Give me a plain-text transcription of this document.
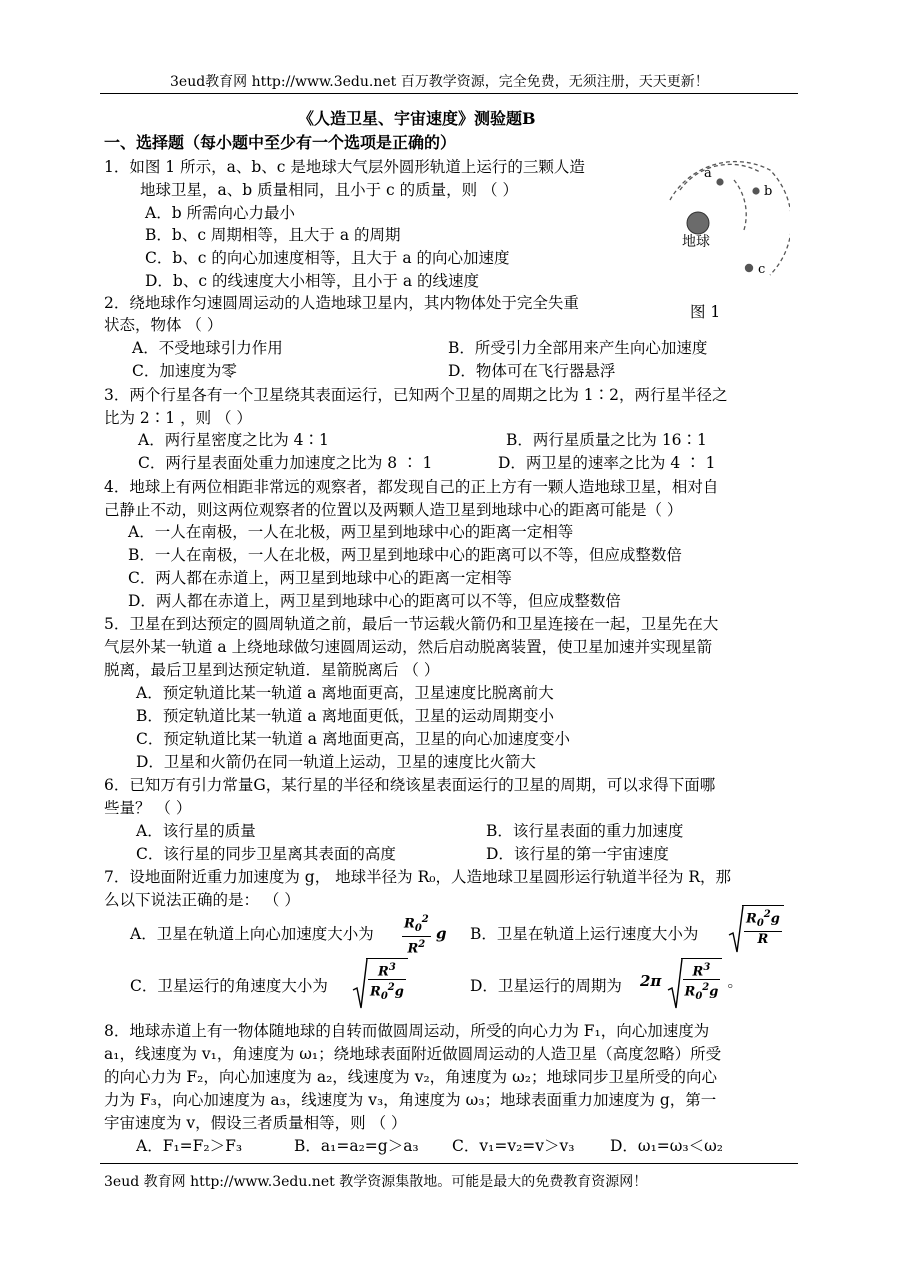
3eud教育网 http://www.3edu.net 百万教学资源，完全免费，无须注册，天天更新！
《人造卫星、宇宙速度》测验题B
一、选择题（每小题中至少有一个选项是正确的）
1．如图 1 所示，a、b、c 是地球大气层外圆形轨道上运行的三颗人造
地球卫星，a、b 质量相同，且小于 c 的质量，则 （ ）
A．b 所需向心力最小
B．b、c 周期相等，且大于 a 的周期
C．b、c 的向心加速度相等，且大于 a 的向心加速度
D．b、c 的线速度大小相等，且小于 a 的线速度
地球
a
b
c
图 1
2．绕地球作匀速圆周运动的人造地球卫星内，其内物体处于完全失重
状态，物体 （ ）
A．不受地球引力作用	B．所受引力全部用来产生向心加速度
C．加速度为零	D．物体可在飞行器悬浮
3．两个行星各有一个卫星绕其表面运行，已知两个卫星的周期之比为 1∶2，两行星半径之
比为 2∶1 ，则 （ ）
A．两行星密度之比为 4∶1	B．两行星质量之比为 16∶1
C．两行星表面处重力加速度之比为 8 ∶ 1	D．两卫星的速率之比为 4 ∶ 1
4．地球上有两位相距非常远的观察者，都发现自己的正上方有一颗人造地球卫星，相对自
己静止不动，则这两位观察者的位置以及两颗人造卫星到地球中心的距离可能是（ ）
A．一人在南极，一人在北极，两卫星到地球中心的距离一定相等
B．一人在南极，一人在北极，两卫星到地球中心的距离可以不等，但应成整数倍
C．两人都在赤道上，两卫星到地球中心的距离一定相等
D．两人都在赤道上，两卫星到地球中心的距离可以不等，但应成整数倍
5．卫星在到达预定的圆周轨道之前，最后一节运载火箭仍和卫星连接在一起，卫星先在大
气层外某一轨道 a 上绕地球做匀速圆周运动，然后启动脱离装置，使卫星加速并实现星箭
脱离，最后卫星到达预定轨道．星箭脱离后 （ ）
A．预定轨道比某一轨道 a 离地面更高，卫星速度比脱离前大
B．预定轨道比某一轨道 a 离地面更低，卫星的运动周期变小
C．预定轨道比某一轨道 a 离地面更高，卫星的向心加速度变小
D．卫星和火箭仍在同一轨道上运动，卫星的速度比火箭大
6．已知万有引力常量G，某行星的半径和绕该星表面运行的卫星的周期，可以求得下面哪
些量？ （ ）
A．该行星的质量	B．该行星表面的重力加速度
C．该行星的同步卫星离其表面的高度	D．该行星的第一宇宙速度
7．设地面附近重力加速度为 g， 地球半径为 R₀，人造地球卫星圆形运行轨道半径为 R，那
么以下说法正确的是： （ ）
A．卫星在轨道上向心加速度大小为 $\frac{R_0^2}{R^2}$ g B．卫星在轨道上运行速度大小为	$\frac{R_0^2g}{R}$
C．卫星运行的角速度大小为	$\frac{R^3}{R_0^2g}$	D．卫星运行的周期为 $2\pi \frac{R^3}{R_0^2g}$ 。
8．地球赤道上有一物体随地球的自转而做圆周运动，所受的向心力为 F₁，向心加速度为
a₁，线速度为 v₁，角速度为 ω₁；绕地球表面附近做圆周运动的人造卫星（高度忽略）所受
的向心力为 F₂，向心加速度为 a₂，线速度为 v₂，角速度为 ω₂；地球同步卫星所受的向心
力为 F₃，向心加速度为 a₃，线速度为 v₃，角速度为 ω₃；地球表面重力加速度为 g，第一
宇宙速度为 v，假设三者质量相等，则 （ ）
A．F₁=F₂＞F₃	B．a₁=a₂=g＞a₃ C．v₁=v₂=v＞v₃ D．ω₁=ω₃＜ω₂
3eud 教育网 http://www.3edu.net 教学资源集散地。可能是最大的免费教育资源网！
